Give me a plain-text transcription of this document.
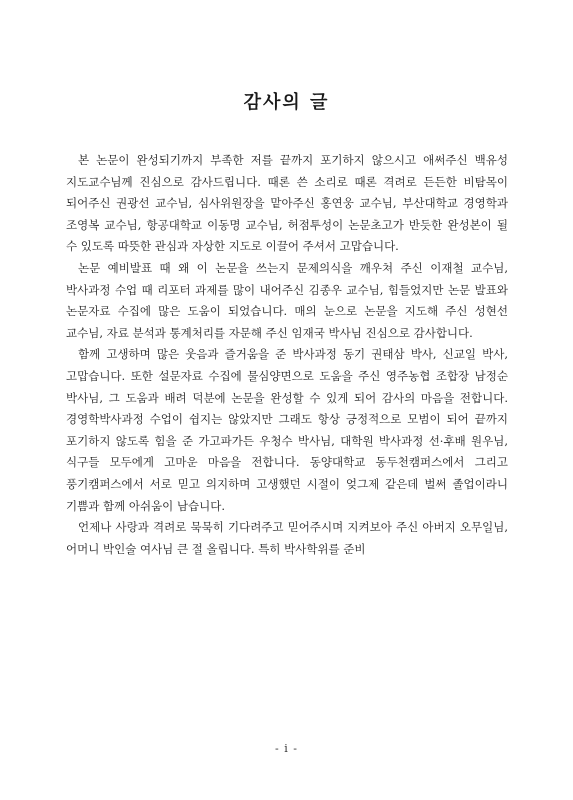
감사의 글

본 논문이 완성되기까지 부족한 저를 끝까지 포기하지 않으시고 애써주신 백유성 지도교수님께 진심으로 감사드립니다. 때론 쓴 소리로 때론 격려로 든든한 비탐목이 되어주신 권광선 교수님, 심사위원장을 맡아주신 홍연웅 교수님, 부산대학교 경영학과 조영복 교수님, 항공대학교 이동명 교수님, 허점투성이 논문초고가 반듯한 완성본이 될 수 있도록 따뜻한 관심과 자상한 지도로 이끌어 주셔서 고맙습니다.

논문 예비발표 때 왜 이 논문을 쓰는지 문제의식을 깨우쳐 주신 이재철 교수님, 박사과정 수업 때 리포터 과제를 많이 내어주신 김종우 교수님, 힘들었지만 논문 발표와 논문자료 수집에 많은 도움이 되었습니다. 매의 눈으로 논문을 지도해 주신 성현선 교수님, 자료 분석과 통계처리를 자문해 주신 임재국 박사님 진심으로 감사합니다.

함께 고생하며 많은 웃음과 즐거움을 준 박사과정 동기 권태삼 박사, 신교일 박사, 고맙습니다. 또한 설문자료 수집에 물심양면으로 도움을 주신 영주농협 조합장 남정순 박사님, 그 도움과 배려 덕분에 논문을 완성할 수 있게 되어 감사의 마음을 전합니다. 경영학박사과정 수업이 쉽지는 않았지만 그래도 항상 긍정적으로 모범이 되어 끝까지 포기하지 않도록 힘을 준 가고파가든 우청수 박사님, 대학원 박사과정 선·후배 원우님, 식구들 모두에게 고마운 마음을 전합니다. 동양대학교 동두천캠퍼스에서 그리고 풍기캠퍼스에서 서로 믿고 의지하며 고생했던 시절이 엊그제 같은데 벌써 졸업이라니 기쁨과 함께 아쉬움이 남습니다.

언제나 사랑과 격려로 묵묵히 기다려주고 믿어주시며 지켜보아 주신 아버지 오무일님, 어머니 박인술 여사님 큰 절 올립니다. 특히 박사학위를 준비

- i -
